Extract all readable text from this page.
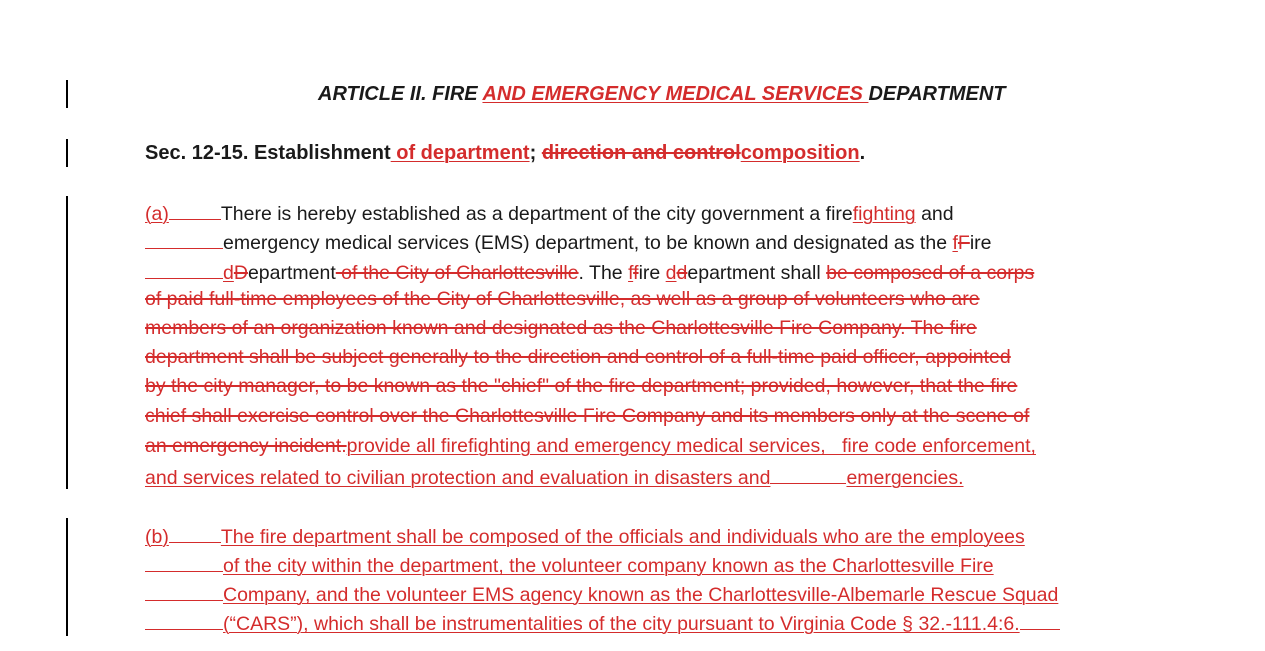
ARTICLE II. FIRE AND EMERGENCY MEDICAL SERVICES DEPARTMENT
Sec. 12-15. Establishment of department; direction and controlcomposition.
(a)	There is hereby established as a department of the city government a firefighting and
emergency medical services (EMS) department, to be known and designated as the fFire
dDepartment of the City of Charlottesville. The ffire ddepartment shall be composed of a corps
of paid full-time employees of the City of Charlottesville, as well as a group of volunteers who are
members of an organization known and designated as the Charlottesville Fire Company. The fire
department shall be subject generally to the direction and control of a full-time paid officer, appointed
by the city manager, to be known as the "chief" of the fire department; provided, however, that the fire
chief shall exercise control over the Charlottesville Fire Company and its members only at the scene of
an emergency incident.provide all firefighting and emergency medical services,   fire code enforcement,
and services related to civilian protection and evaluation in disasters and	emergencies.
(b)	The fire department shall be composed of the officials and individuals who are the employees
of the city within the department, the volunteer company known as the Charlottesville Fire
Company, and the volunteer EMS agency known as the Charlottesville-Albemarle Rescue Squad
(“CARS”), which shall be instrumentalities of the city pursuant to Virginia Code § 32.-111.4:6.
